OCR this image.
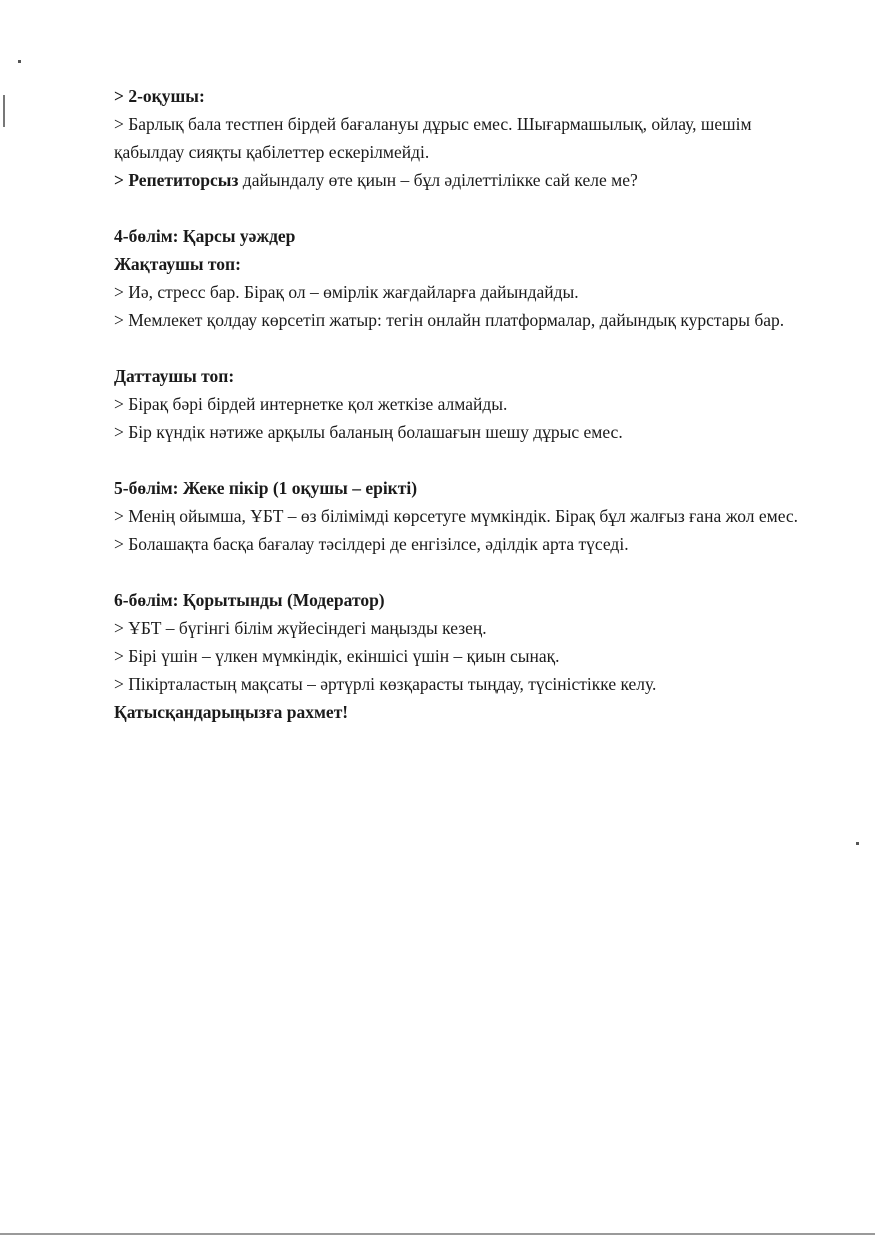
> 2-оқушы:

> Барлық бала тестпен бірдей бағалануы дұрыс емес. Шығармашылық, ойлау, шешім қабылдау сияқты қабілеттер ескерілмейді.

> Репетиторсыз дайындалу өте қиын – бұл әділеттілікке сай келе ме?

4-бөлім: Қарсы уәждер

Жақтаушы топ:

> Иә, стресс бар. Бірақ ол – өмірлік жағдайларға дайындайды.

> Мемлекет қолдау көрсетіп жатыр: тегін онлайн платформалар, дайындық курстары бар.

Даттаушы топ:

> Бірақ бәрі бірдей интернетке қол жеткізе алмайды.

> Бір күндік нәтиже арқылы баланың болашағын шешу дұрыс емес.

5-бөлім: Жеке пікір (1 оқушы – ерікті)

> Менің ойымша, ҰБТ – өз білімімді көрсетуге мүмкіндік. Бірақ бұл жалғыз ғана жол емес.

> Болашақта басқа бағалау тәсілдері де енгізілсе, әділдік арта түседі.

6-бөлім: Қорытынды (Модератор)

> ҰБТ – бүгінгі білім жүйесіндегі маңызды кезең.

> Бірі үшін – үлкен мүмкіндік, екіншісі үшін – қиын сынақ.

> Пікірталастың мақсаты – әртүрлі көзқарасты тыңдау, түсіністікке келу.

Қатысқандарыңызға рахмет!
